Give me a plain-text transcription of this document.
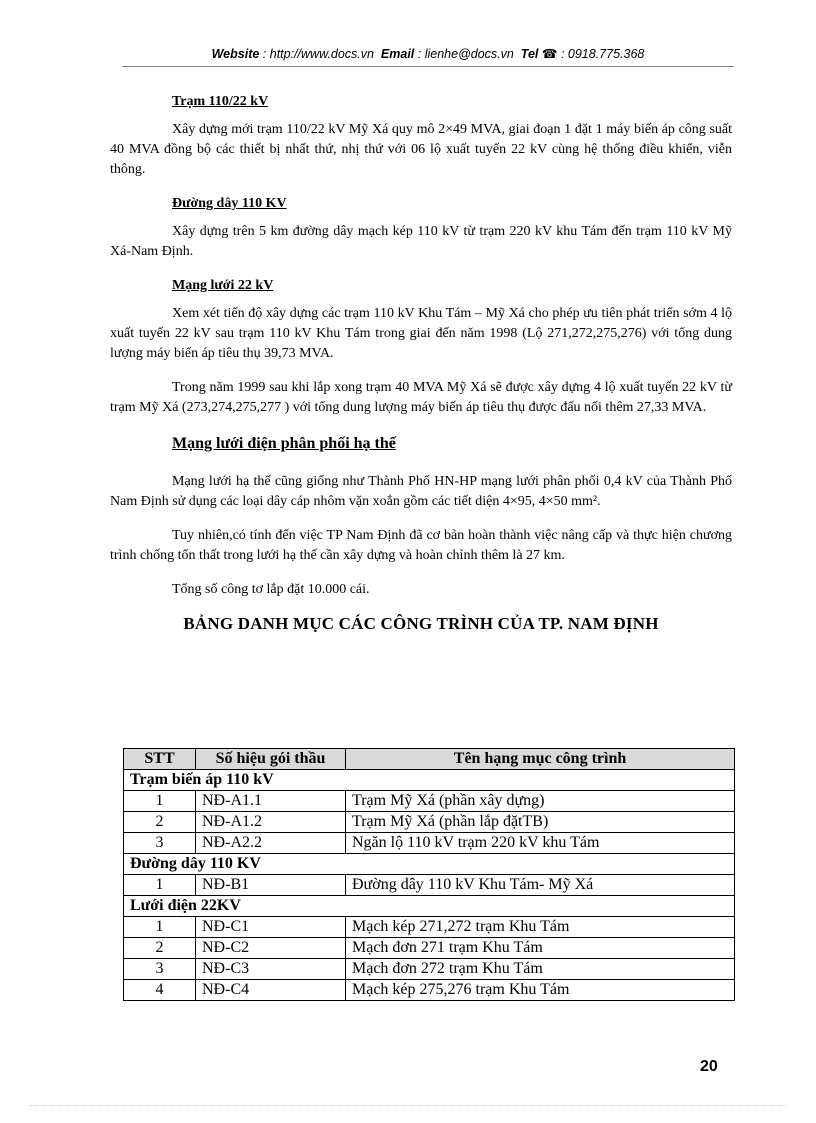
Website : http://www.docs.vn Email : lienhe@docs.vn Tel ☎ : 0918.775.368

Trạm 110/22 kV

Xây dựng mới trạm 110/22 kV Mỹ Xá quy mô 2×49 MVA, giai đoạn 1 đặt 1 máy biến áp công suất 40 MVA đồng bộ các thiết bị nhất thứ, nhị thứ với 06 lộ xuất tuyến 22 kV cùng hệ thống điều khiển, viễn thông.

Đường dây 110 KV

Xây dựng trên 5 km đường dây mạch kép 110 kV từ trạm 220 kV khu Tám đến trạm 110 kV Mỹ Xá-Nam Định.

Mạng lưới 22 kV

Xem xét tiến độ xây dựng các trạm 110 kV Khu Tám – Mỹ Xá cho phép ưu tiên phát triển sớm 4 lộ xuất tuyến 22 kV sau trạm 110 kV Khu Tám trong giai đến năm 1998 (Lộ 271,272,275,276) với tổng dung lượng máy biến áp tiêu thụ 39,73 MVA.

Trong năm 1999 sau khi lắp xong trạm 40 MVA Mỹ Xá sẽ được xây dựng 4 lộ xuất tuyến 22 kV từ trạm Mỹ Xá (273,274,275,277 ) với tổng dung lượng máy biến áp tiêu thụ được đấu nối thêm 27,33 MVA.

Mạng lưới điện phân phối hạ thế

Mạng lưới hạ thế cũng giống như Thành Phố HN-HP mạng lưới phân phối 0,4 kV của Thành Phố Nam Định sử dụng các loại dây cáp nhôm vặn xoắn gồm các tiết diện 4×95, 4×50 mm².

Tuy nhiên,có tính đến việc TP Nam Định đã cơ bản hoàn thành việc nâng cấp và thực hiện chương trình chống tổn thất trong lưới hạ thế cần xây dựng và hoàn chỉnh thêm là 27 km.

Tổng số công tơ lắp đặt 10.000 cái.

BẢNG DANH MỤC CÁC CÔNG TRÌNH CỦA TP. NAM ĐỊNH
STT	Số hiệu gói thầu	Tên hạng mục công trình
Trạm biến áp 110 kV		
1	NĐ-A1.1	Trạm Mỹ Xá (phần xây dựng)
2	NĐ-A1.2	Trạm Mỹ Xá (phần lắp đặtTB)
3	NĐ-A2.2	Ngăn lộ 110 kV trạm 220 kV khu Tám
Đường dây 110 KV		
1	NĐ-B1	Đường dây 110 kV Khu Tám- Mỹ Xá
Lưới điện 22KV		
1	NĐ-C1	Mạch kép 271,272 trạm Khu Tám
2	NĐ-C2	Mạch đơn 271 trạm Khu Tám
3	NĐ-C3	Mạch đơn 272 trạm Khu Tám
4	NĐ-C4	Mạch kép 275,276 trạm Khu Tám
20
